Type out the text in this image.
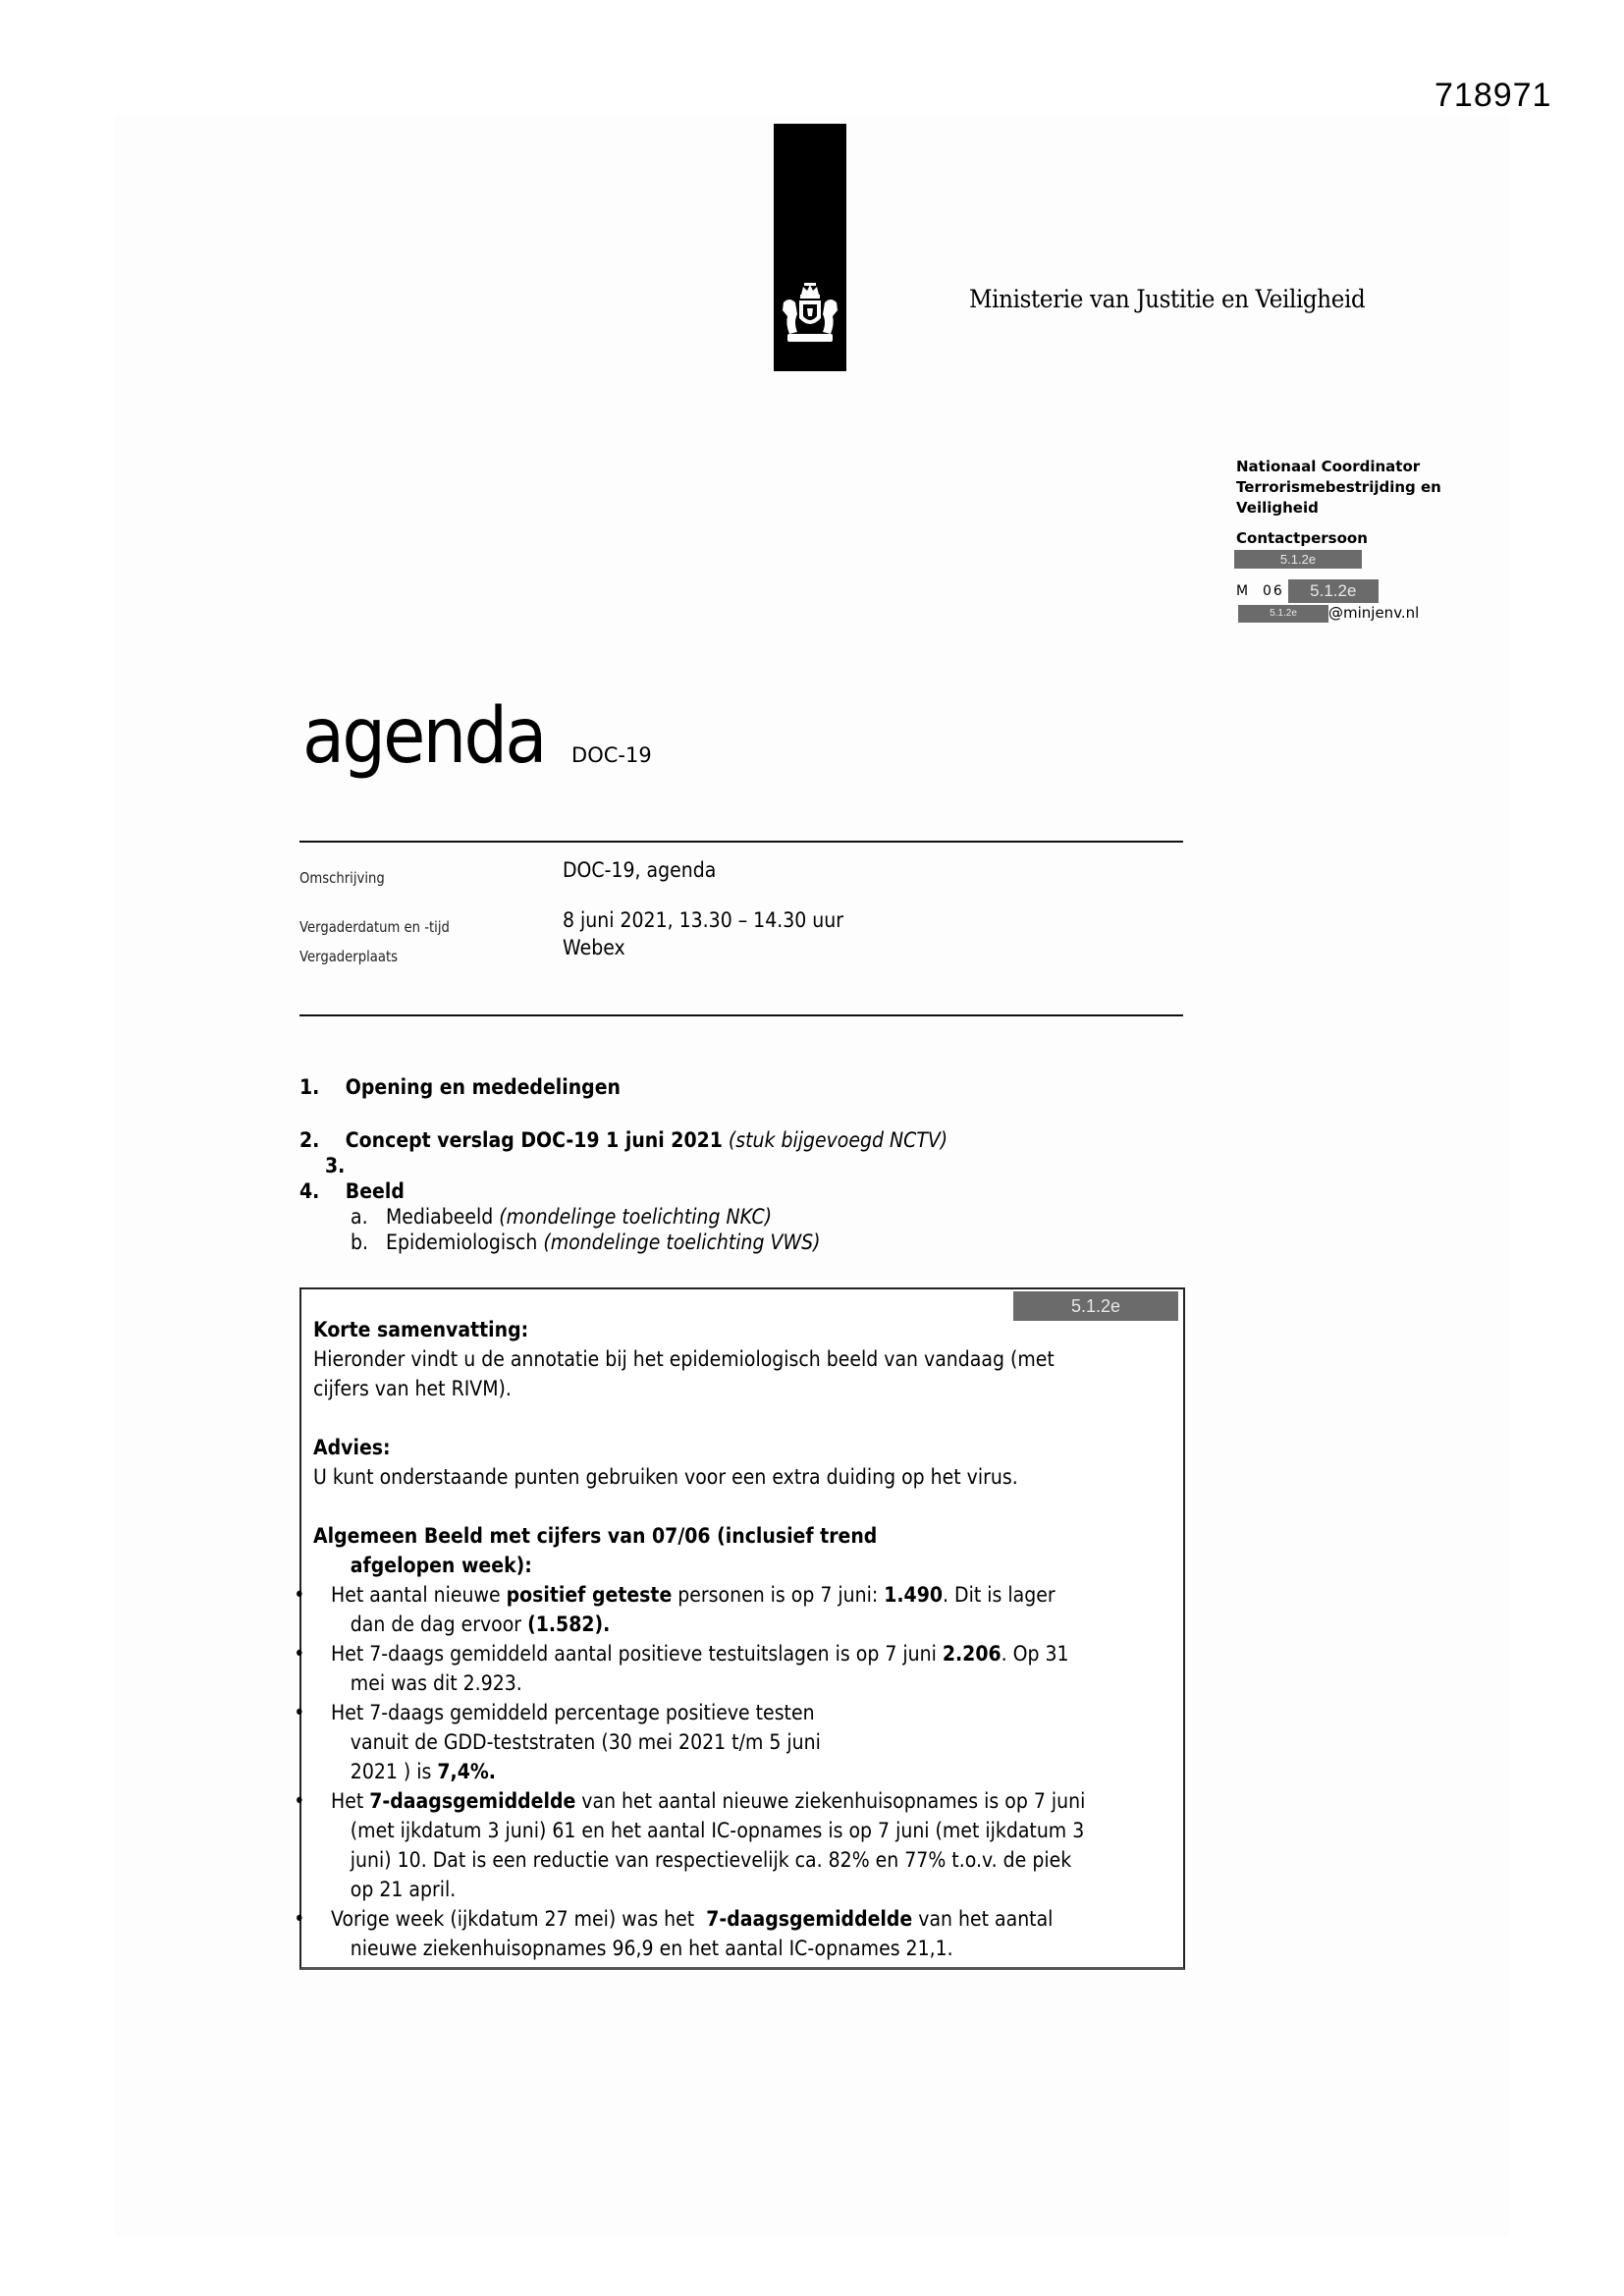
718971
Ministerie van Justitie en Veiligheid
Nationaal Coordinator
Terrorismebestrijding en
Veiligheid
Contactpersoon
5.1.2e
M  06	5.1.2e
5.1.2e	@minjenv.nl
agenda DOC-19
Omschrijving	DOC-19, agenda
Vergaderdatum en -tijd	8 juni 2021, 13.30 – 14.30 uur
Vergaderplaats	Webex
1. Opening en mededelingen
2. Concept verslag DOC-19 1 juni 2021 (stuk bijgevoegd NCTV)
3.
4. Beeld
a. Mediabeeld (mondelinge toelichting NKC)
b. Epidemiologisch (mondelinge toelichting VWS)
5.1.2e

Korte samenvatting:

Hieronder vindt u de annotatie bij het epidemiologisch beeld van vandaag (met cijfers van het RIVM).

Advies:

U kunt onderstaande punten gebruiken voor een extra duiding op het virus.

Algemeen Beeld met cijfers van 07/06 (inclusief trend afgelopen week):

• Het aantal nieuwe positief geteste personen is op 7 juni: 1.490. Dit is lager dan de dag ervoor (1.582).
• Het 7-daags gemiddeld aantal positieve testuitslagen is op 7 juni 2.206. Op 31 mei was dit 2.923.
• Het 7-daags gemiddeld percentage positieve testen vanuit de GDD-teststraten (30 mei 2021 t/m 5 juni 2021 ) is 7,4%.
• Het 7-daagsgemiddelde van het aantal nieuwe ziekenhuisopnames is op 7 juni (met ijkdatum 3 juni) 61 en het aantal IC-opnames is op 7 juni (met ijkdatum 3 juni) 10. Dat is een reductie van respectievelijk ca. 82% en 77% t.o.v. de piek op 21 april.
• Vorige week (ijkdatum 27 mei) was het  7-daagsgemiddelde van het aantal nieuwe ziekenhuisopnames 96,9 en het aantal IC-opnames 21,1.
